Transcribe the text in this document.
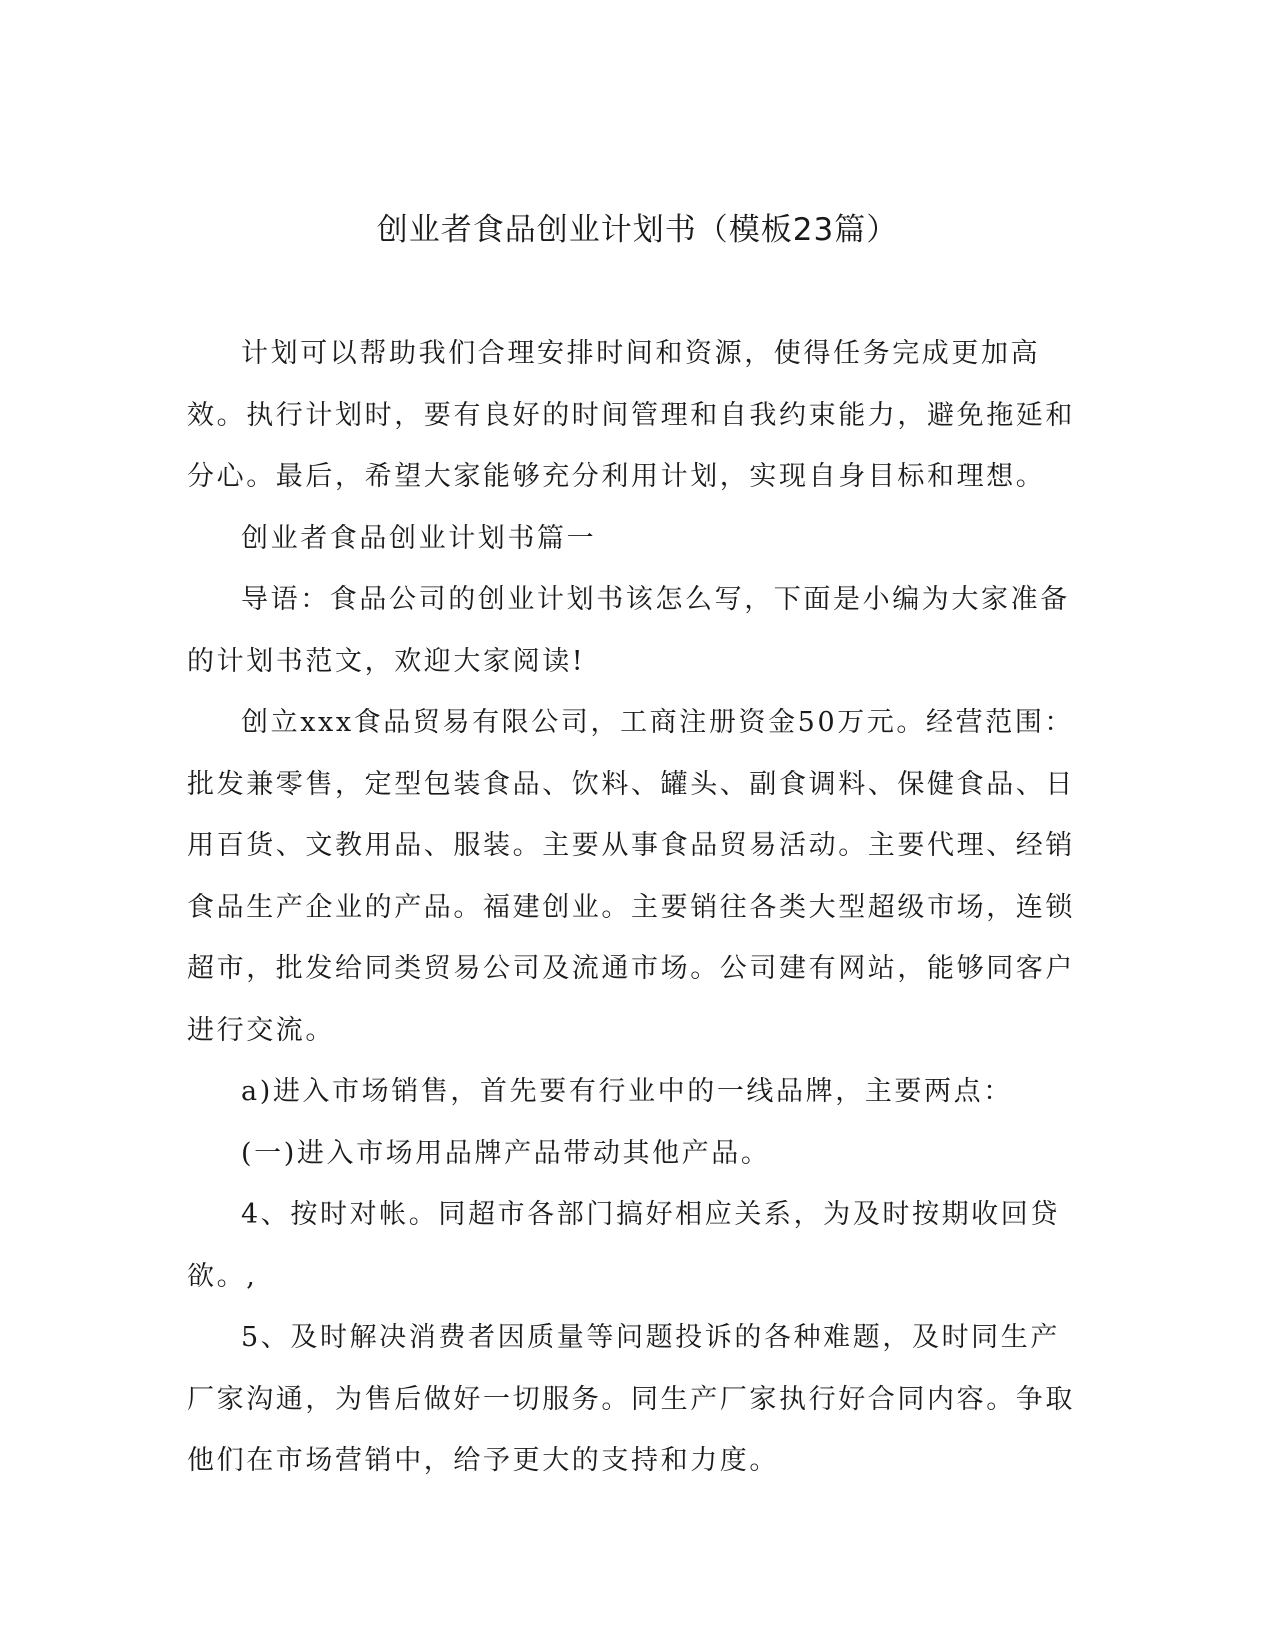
创业者食品创业计划书（模板23篇）

计划可以帮助我们合理安排时间和资源，使得任务完成更加高效。执行计划时，要有良好的时间管理和自我约束能力，避免拖延和分心。最后，希望大家能够充分利用计划，实现自身目标和理想。

创业者食品创业计划书篇一

导语：食品公司的创业计划书该怎么写，下面是小编为大家准备的计划书范文，欢迎大家阅读!

创立xxx食品贸易有限公司，工商注册资金50万元。经营范围：批发兼零售，定型包装食品、饮料、罐头、副食调料、保健食品、日用百货、文教用品、服装。主要从事食品贸易活动。主要代理、经销食品生产企业的产品。福建创业。主要销往各类大型超级市场，连锁超市，批发给同类贸易公司及流通市场。公司建有网站，能够同客户进行交流。

a)进入市场销售，首先要有行业中的一线品牌，主要两点：

(一)进入市场用品牌产品带动其他产品。

4、按时对帐。同超市各部门搞好相应关系，为及时按期收回贷欲。,

5、及时解决消费者因质量等问题投诉的各种难题，及时同生产厂家沟通，为售后做好一切服务。同生产厂家执行好合同内容。争取他们在市场营销中，给予更大的支持和力度。
